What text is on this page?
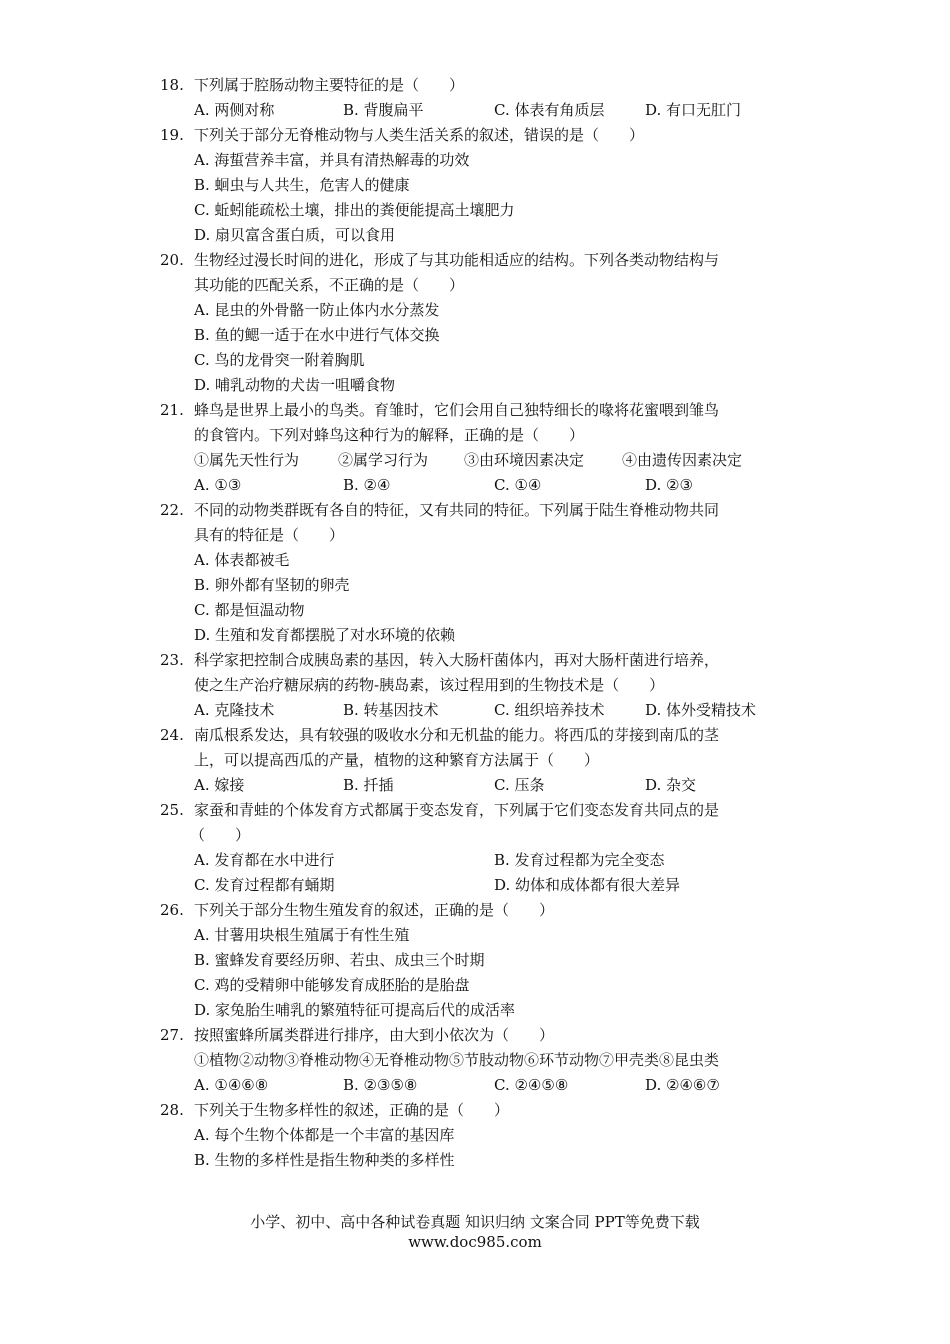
18. 下列属于腔肠动物主要特征的是（　　）
A. 两侧对称	B. 背腹扁平	C. 体表有角质层	D. 有口无肛门
19. 下列关于部分无脊椎动物与人类生活关系的叙述，错误的是（　　）
A. 海蜇营养丰富，并具有清热解毒的功效
B. 蛔虫与人共生，危害人的健康
C. 蚯蚓能疏松土壤，排出的粪便能提高土壤肥力
D. 扇贝富含蛋白质，可以食用
20. 生物经过漫长时间的进化，形成了与其功能相适应的结构。下列各类动物结构与
其功能的匹配关系，不正确的是（　　）
A. 昆虫的外骨骼一防止体内水分蒸发
B. 鱼的鳃一适于在水中进行气体交换
C. 鸟的龙骨突一附着胸肌
D. 哺乳动物的犬齿一咀嚼食物
21. 蜂鸟是世界上最小的鸟类。育雏时，它们会用自己独特细长的喙将花蜜喂到雏鸟
的食管内。下列对蜂鸟这种行为的解释，正确的是（　　）
①属先天性行为	②属学习行为 ③由环境因素决定	④由遗传因素决定
A. ①③	B. ②④	C. ①④	D. ②③
22. 不同的动物类群既有各自的特征，又有共同的特征。下列属于陆生脊椎动物共同
具有的特征是（　　）
A. 体表都被毛
B. 卵外都有坚韧的卵壳
C. 都是恒温动物
D. 生殖和发育都摆脱了对水环境的依赖
23. 科学家把控制合成胰岛素的基因，转入大肠杆菌体内，再对大肠杆菌进行培养，
使之生产治疗糖尿病的药物-胰岛素，该过程用到的生物技术是（　　）
A. 克隆技术	B. 转基因技术	C. 组织培养技术	D. 体外受精技术
24. 南瓜根系发达，具有较强的吸收水分和无机盐的能力。将西瓜的芽接到南瓜的茎
上，可以提高西瓜的产量，植物的这种繁育方法属于（　　）
A. 嫁接	B. 扦插	C. 压条	D. 杂交
25. 家蚕和青蛙的个体发育方式都属于变态发育，下列属于它们变态发育共同点的是
（　　）
A. 发育都在水中进行	B. 发育过程都为完全变态
C. 发育过程都有蛹期	D. 幼体和成体都有很大差异
26. 下列关于部分生物生殖发育的叙述，正确的是（　　）
A. 甘薯用块根生殖属于有性生殖
B. 蜜蜂发育要经历卵、若虫、成虫三个时期
C. 鸡的受精卵中能够发育成胚胎的是胎盘
D. 家兔胎生哺乳的繁殖特征可提高后代的成活率
27. 按照蜜蜂所属类群进行排序，由大到小依次为（　　）
①植物②动物③脊椎动物④无脊椎动物⑤节肢动物⑥环节动物⑦甲壳类⑧昆虫类
A. ①④⑥⑧	B. ②③⑤⑧	C. ②④⑤⑧	D. ②④⑥⑦
28. 下列关于生物多样性的叙述，正确的是（　　）
A. 每个生物个体都是一个丰富的基因库
B. 生物的多样性是指生物种类的多样性
小学、初中、高中各种试卷真题 知识归纳 文案合同 PPT等免费下载
www.doc985.com
